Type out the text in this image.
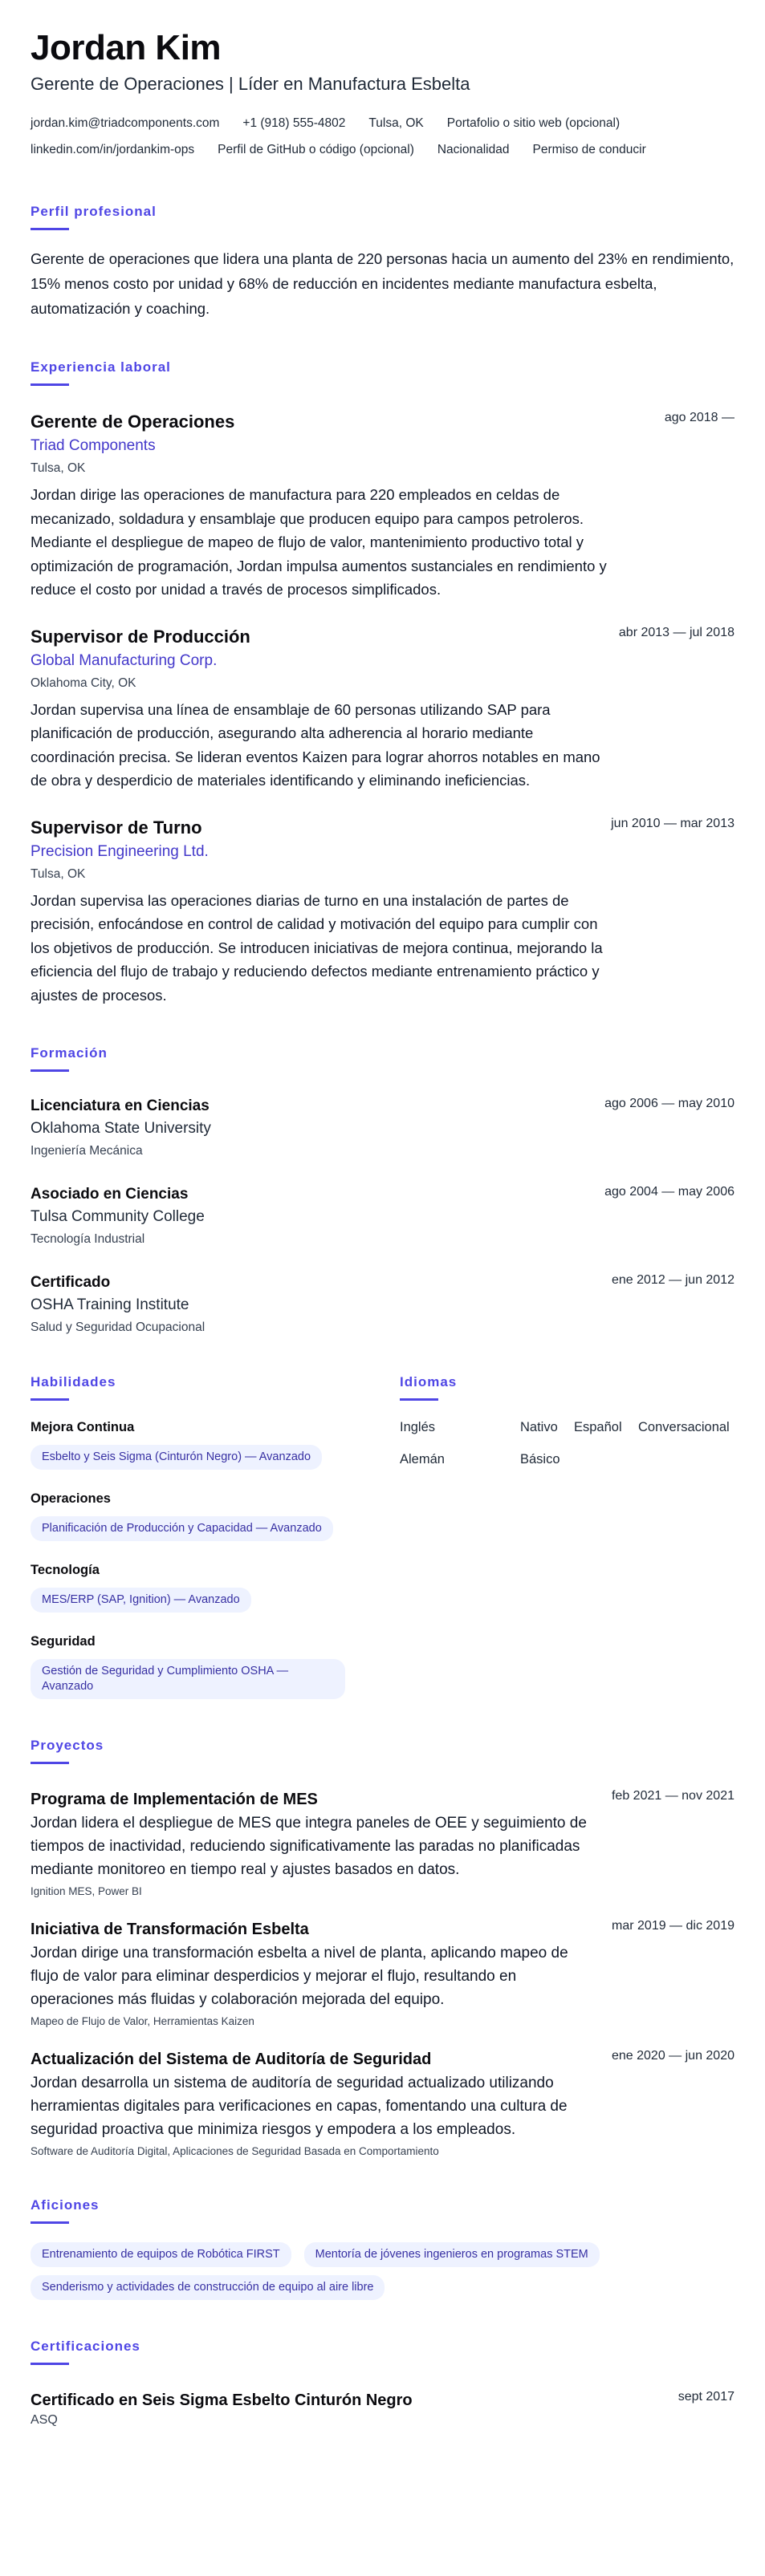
Jordan Kim
Gerente de Operaciones | Líder en Manufactura Esbelta
jordan.kim@triadcomponents.com +1 (918) 555-4802 Tulsa, OK Portafolio o sitio web (opcional)
linkedin.com/in/jordankim-ops Perfil de GitHub o código (opcional) Nacionalidad Permiso de conducir
Perfil profesional
Gerente de operaciones que lidera una planta de 220 personas hacia un aumento del 23% en rendimiento, 15% menos costo por unidad y 68% de reducción en incidentes mediante manufactura esbelta, automatización y coaching.
Experiencia laboral
ago 2018 —
Gerente de Operaciones
Triad Components
Tulsa, OK
Jordan dirige las operaciones de manufactura para 220 empleados en celdas de mecanizado, soldadura y ensamblaje que producen equipo para campos petroleros. Mediante el despliegue de mapeo de flujo de valor, mantenimiento productivo total y optimización de programación, Jordan impulsa aumentos sustanciales en rendimiento y reduce el costo por unidad a través de procesos simplificados.
abr 2013 — jul 2018
Supervisor de Producción
Global Manufacturing Corp.
Oklahoma City, OK
Jordan supervisa una línea de ensamblaje de 60 personas utilizando SAP para planificación de producción, asegurando alta adherencia al horario mediante coordinación precisa. Se lideran eventos Kaizen para lograr ahorros notables en mano de obra y desperdicio de materiales identificando y eliminando ineficiencias.
jun 2010 — mar 2013
Supervisor de Turno
Precision Engineering Ltd.
Tulsa, OK
Jordan supervisa las operaciones diarias de turno en una instalación de partes de precisión, enfocándose en control de calidad y motivación del equipo para cumplir con los objetivos de producción. Se introducen iniciativas de mejora continua, mejorando la eficiencia del flujo de trabajo y reduciendo defectos mediante entrenamiento práctico y ajustes de procesos.
Formación
ago 2006 — may 2010
Licenciatura en Ciencias
Oklahoma State University
Ingeniería Mecánica
ago 2004 — may 2006
Asociado en Ciencias
Tulsa Community College
Tecnología Industrial
ene 2012 — jun 2012
Certificado
OSHA Training Institute
Salud y Seguridad Ocupacional
Habilidades
Mejora Continua
Esbelto y Seis Sigma (Cinturón Negro) — Avanzado
Operaciones
Planificación de Producción y Capacidad — Avanzado
Tecnología
MES/ERP (SAP, Ignition) — Avanzado
Seguridad
Gestión de Seguridad y Cumplimiento OSHA —
Avanzado
Idiomas
Inglés	Nativo	Español	Conversacional
Alemán	Básico
Proyectos
feb 2021 — nov 2021
Programa de Implementación de MES
Jordan lidera el despliegue de MES que integra paneles de OEE y seguimiento de tiempos de inactividad, reduciendo significativamente las paradas no planificadas mediante monitoreo en tiempo real y ajustes basados en datos.
Ignition MES, Power BI
mar 2019 — dic 2019
Iniciativa de Transformación Esbelta
Jordan dirige una transformación esbelta a nivel de planta, aplicando mapeo de flujo de valor para eliminar desperdicios y mejorar el flujo, resultando en operaciones más fluidas y colaboración mejorada del equipo.
Mapeo de Flujo de Valor, Herramientas Kaizen
ene 2020 — jun 2020
Actualización del Sistema de Auditoría de Seguridad
Jordan desarrolla un sistema de auditoría de seguridad actualizado utilizando herramientas digitales para verificaciones en capas, fomentando una cultura de seguridad proactiva que minimiza riesgos y empodera a los empleados.
Software de Auditoría Digital, Aplicaciones de Seguridad Basada en Comportamiento
Aficiones
Entrenamiento de equipos de Robótica FIRST	Mentoría de jóvenes ingenieros en programas STEM
Senderismo y actividades de construcción de equipo al aire libre
Certificaciones
sept 2017
Certificado en Seis Sigma Esbelto Cinturón Negro
ASQ
